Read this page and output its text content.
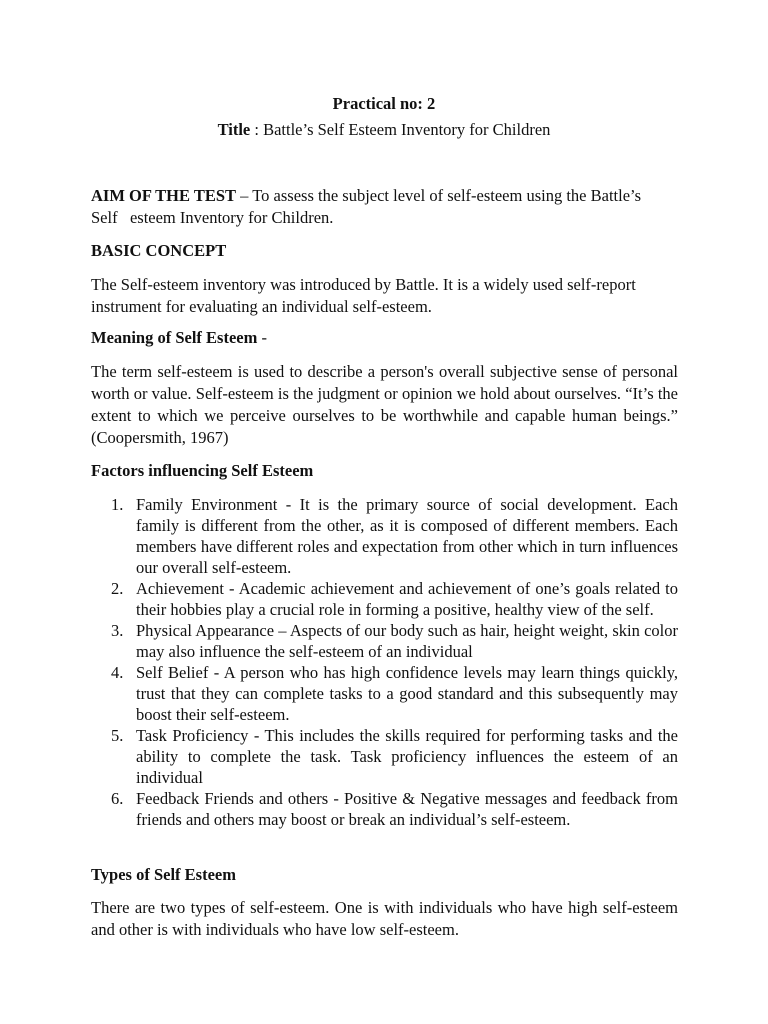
Practical no: 2
Title : Battle’s Self Esteem Inventory for Children
AIM OF THE TEST – To assess the subject level of self-esteem using the Battle’s Self   esteem Inventory for Children.
BASIC CONCEPT
The Self-esteem inventory was introduced by Battle. It is a widely used self-report instrument for evaluating an individual self-esteem.
Meaning of Self Esteem -
The term self-esteem is used to describe a person's overall subjective sense of personal worth or value. Self-esteem is the judgment or opinion we hold about ourselves. “It’s the extent to which we perceive ourselves to be worthwhile and capable human beings.” (Coopersmith, 1967)
Factors influencing Self Esteem
1. Family Environment - It is the primary source of social development. Each family is different from the other, as it is composed of different members. Each members have different roles and expectation from other which in turn influences our overall self-esteem.
2. Achievement - Academic achievement and achievement of one’s goals related to their hobbies play a crucial role in forming a positive, healthy view of the self.
3. Physical Appearance – Aspects of our body such as hair, height weight, skin color may also influence the self-esteem of an individual
4. Self Belief - A person who has high confidence levels may learn things quickly, trust that they can complete tasks to a good standard and this subsequently may boost their self-esteem.
5. Task Proficiency - This includes the skills required for performing tasks and the ability to complete the task. Task proficiency influences the esteem of an individual
6. Feedback Friends and others - Positive & Negative messages and feedback from friends and others may boost or break an individual’s self-esteem.
Types of Self Esteem
There are two types of self-esteem. One is with individuals who have high self-esteem and other is with individuals who have low self-esteem.
